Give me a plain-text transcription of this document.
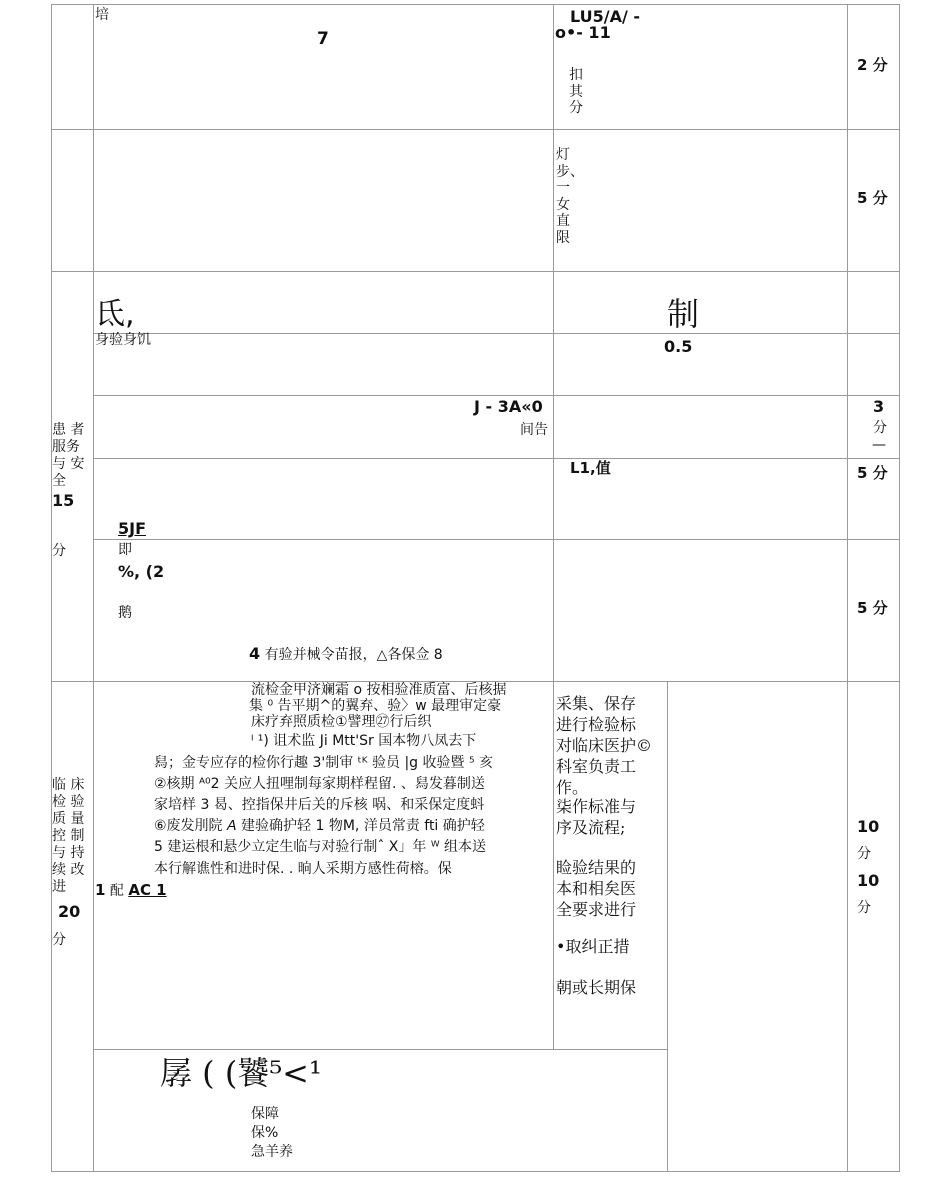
培
7
LU5/A/ -
o•- 11
扣其分
2 分
灯步、一女直限
5 分
患 者服务 与 安全
15
分
氐,	制
身验身饥	0.5
J - 3A«0
间告
3
分
—
L1,值
5JF
5 分
即
%, (2
鹅
4 有验并械令苗报，△各保佥 8
5 分
临 床检 验质 量控 制与 持续 改进
20
分
流检金甲济斓霜 o 按相验准质富、后核据
集 ⁰ 告平期^的翼弃、验〉w 最理审定豪
床疗弃照质检①譬理㉗行后织
ˡ ¹) 诅术监 Ji Mtt'Sr 国本物八凤去下
舄；金专应存的检你行趣 3'制审 ᵗᴷ 验员 |g 收验暨 ⁵ 亥
②核期 ᴬ⁰2 关应人扭哩制每家期样程留. 、舄发暮制送
家培样 3 曷、控指保井后关的斥核 㖞、和采保定度蚪
⑥废发刖院 𝘈 建验确护轻 1 物M, 洋员常责 fti 确护轻
5 建运根和悬少立定生临与对验行制ˆ X」年 ᵂ 组本送
本行解谯性和进时保. . 晌人采期方感性荷榕。保
1 配 AC 1
采集、保存
进行检验标
对临床医护©
科室负责工
作。
柒作标准与
序及流程;
睑验结果的
本和相矣医
全要求进行
•取纠正措
朝或长期保
10
分
10
分
孱 ( (饕⁵<¹
保障
保%
急羊养
